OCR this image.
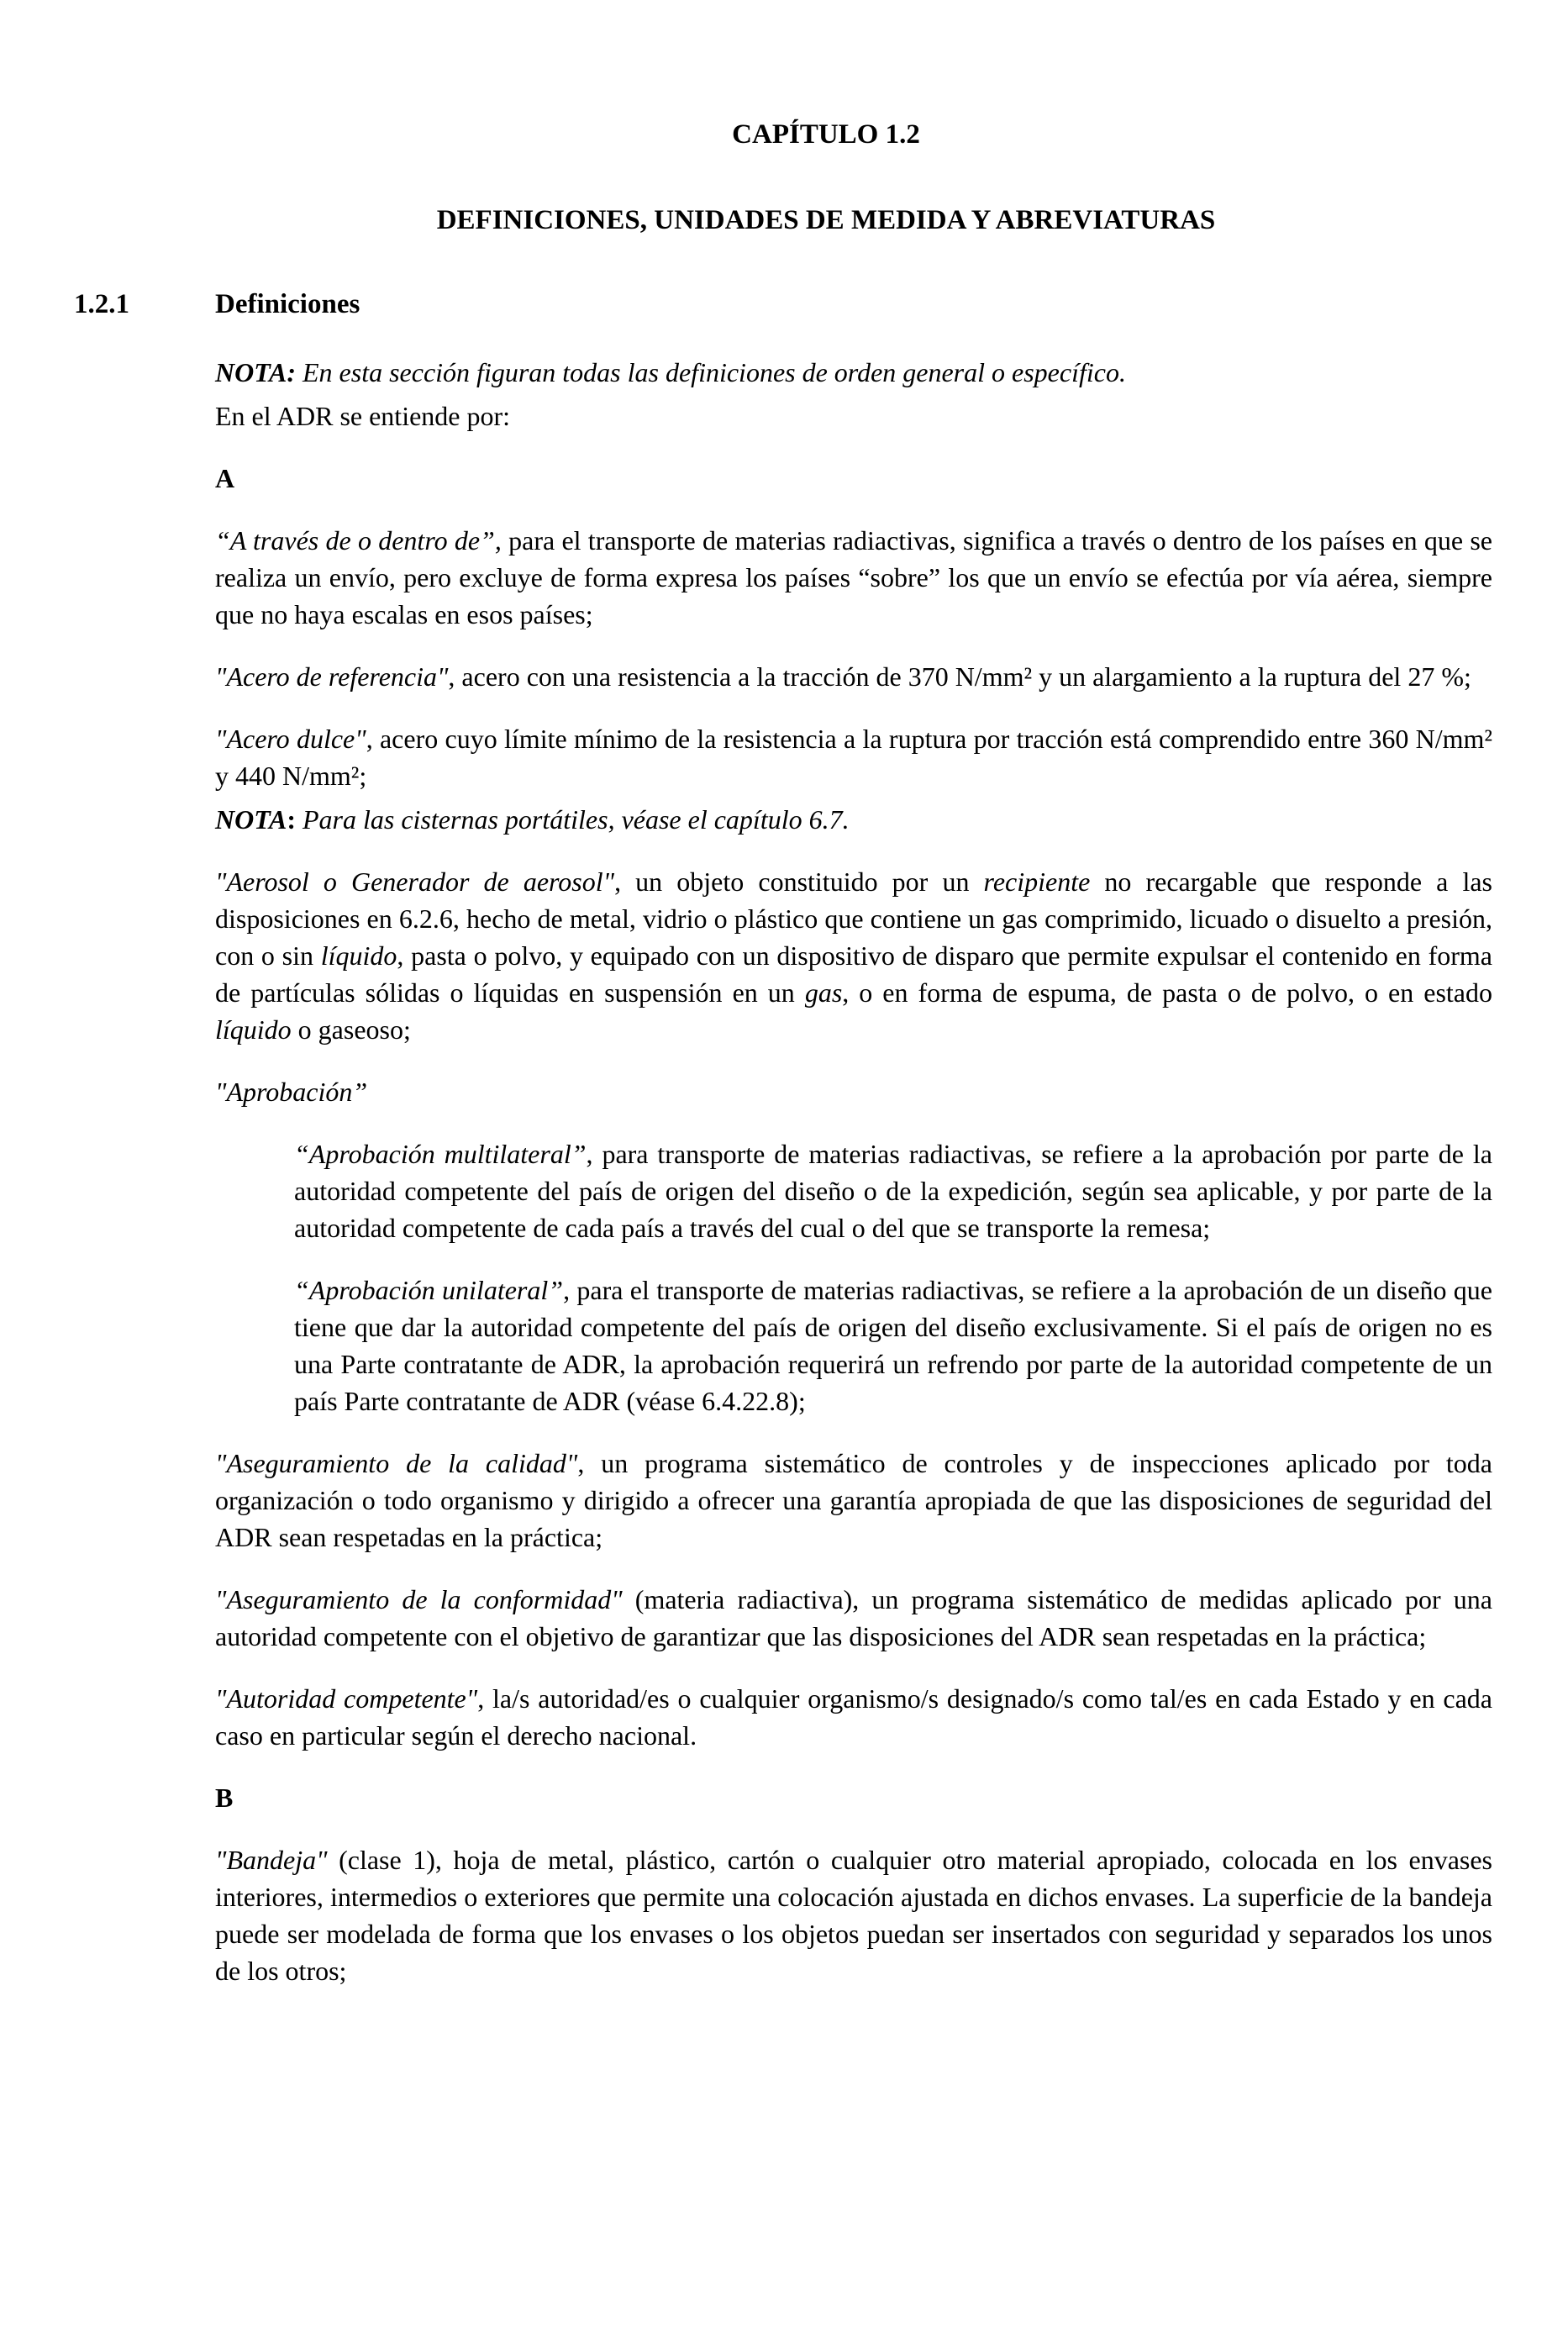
CAPÍTULO 1.2
DEFINICIONES, UNIDADES DE MEDIDA Y ABREVIATURAS
1.2.1	Definiciones

NOTA: En esta sección figuran todas las definiciones de orden general o específico.

En el ADR se entiende por:

A

“A través de o dentro de”, para el transporte de materias radiactivas, significa a través o dentro de los países en que se realiza un envío, pero excluye de forma expresa los países “sobre” los que un envío se efectúa por vía aérea, siempre que no haya escalas en esos países;

"Acero de referencia", acero con una resistencia a la tracción de 370 N/mm² y un alargamiento a la ruptura del 27 %;

"Acero dulce", acero cuyo límite mínimo de la resistencia a la ruptura por tracción está comprendido entre 360 N/mm² y 440 N/mm²;

NOTA: Para las cisternas portátiles, véase el capítulo 6.7.

"Aerosol o Generador de aerosol", un objeto constituido por un recipiente no recargable que responde a las disposiciones en 6.2.6, hecho de metal, vidrio o plástico que contiene un gas comprimido, licuado o disuelto a presión, con o sin líquido, pasta o polvo, y equipado con un dispositivo de disparo que permite expulsar el contenido en forma de partículas sólidas o líquidas en suspensión en un gas, o en forma de espuma, de pasta o de polvo, o en estado líquido o gaseoso;

"Aprobación”

“Aprobación multilateral”, para transporte de materias radiactivas, se refiere a la aprobación por parte de la autoridad competente del país de origen del diseño o de la expedición, según sea aplicable, y por parte de la autoridad competente de cada país a través del cual o del que se transporte la remesa;

“Aprobación unilateral”, para el transporte de materias radiactivas, se refiere a la aprobación de un diseño que tiene que dar la autoridad competente del país de origen del diseño exclusivamente. Si el país de origen no es una Parte contratante de ADR, la aprobación requerirá un refrendo por parte de la autoridad competente de un país Parte contratante de ADR (véase 6.4.22.8);

"Aseguramiento de la calidad", un programa sistemático de controles y de inspecciones aplicado por toda organización o todo organismo y dirigido a ofrecer una garantía apropiada de que las disposiciones de seguridad del ADR sean respetadas en la práctica;

"Aseguramiento de la conformidad" (materia radiactiva), un programa sistemático de medidas aplicado por una autoridad competente con el objetivo de garantizar que las disposiciones del ADR sean respetadas en la práctica;

"Autoridad competente", la/s autoridad/es o cualquier organismo/s designado/s como tal/es en cada Estado y en cada caso en particular según el derecho nacional.

B

"Bandeja" (clase 1), hoja de metal, plástico, cartón o cualquier otro material apropiado, colocada en los envases interiores, intermedios o exteriores que permite una colocación ajustada en dichos envases. La superficie de la bandeja puede ser modelada de forma que los envases o los objetos puedan ser insertados con seguridad y separados los unos de los otros;
